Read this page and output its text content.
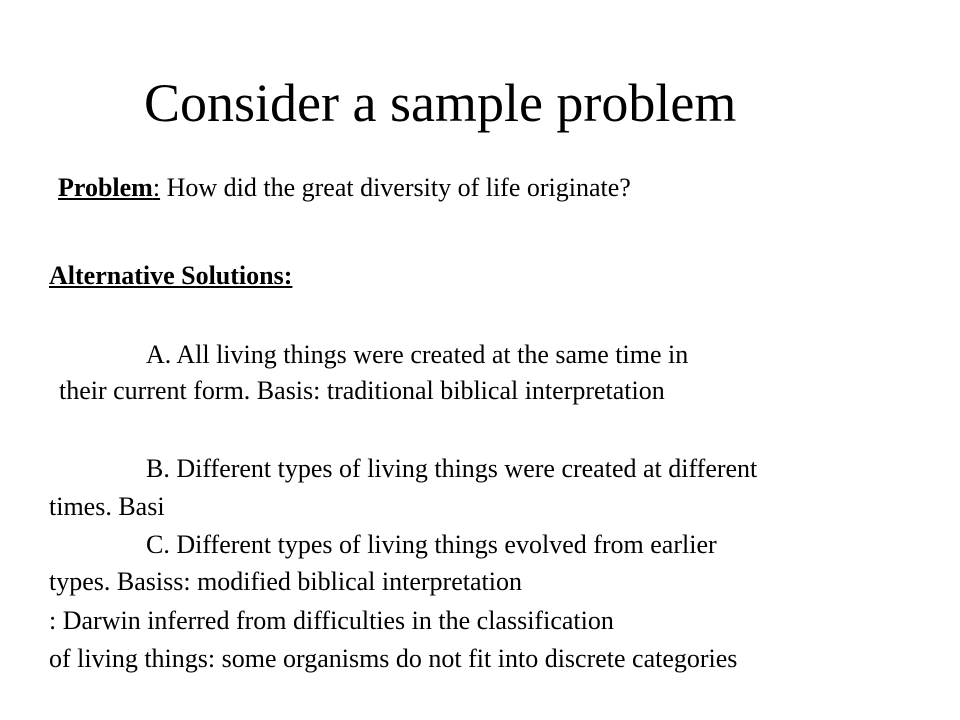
Consider a sample problem
Problem: How did the great diversity of life originate?
Alternative Solutions:
A. All living things were created at the same time in
their current form. Basis: traditional biblical interpretation
B. Different types of living things were created at different
times. Basi
C. Different types of living things evolved from earlier
types. Basiss: modified biblical interpretation
: Darwin inferred from difficulties in the classification
of living things: some organisms do not fit into discrete categories
